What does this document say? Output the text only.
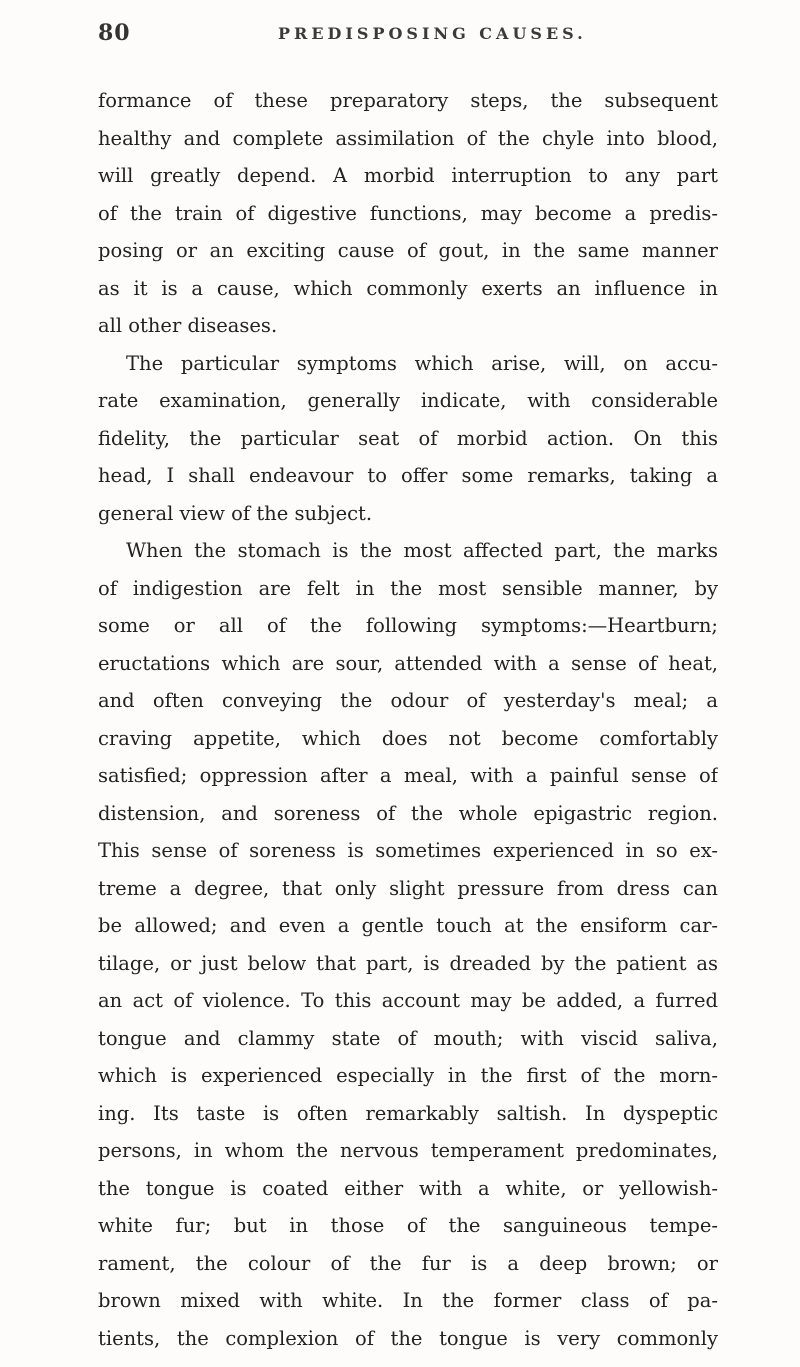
80	PREDISPOSING CAUSES.
formance of these preparatory steps, the subsequent
healthy and complete assimilation of the chyle into blood,
will greatly depend. A morbid interruption to any part
of the train of digestive functions, may become a predis-
posing or an exciting cause of gout, in the same manner
as it is a cause, which commonly exerts an influence in
all other diseases.
The particular symptoms which arise, will, on accu-
rate examination, generally indicate, with considerable
fidelity, the particular seat of morbid action. On this
head, I shall endeavour to offer some remarks, taking a
general view of the subject.
When the stomach is the most affected part, the marks
of indigestion are felt in the most sensible manner, by
some or all of the following symptoms:—Heartburn;
eructations which are sour, attended with a sense of heat,
and often conveying the odour of yesterday's meal; a
craving appetite, which does not become comfortably
satisfied; oppression after a meal, with a painful sense of
distension, and soreness of the whole epigastric region.
This sense of soreness is sometimes experienced in so ex-
treme a degree, that only slight pressure from dress can
be allowed; and even a gentle touch at the ensiform car-
tilage, or just below that part, is dreaded by the patient as
an act of violence. To this account may be added, a furred
tongue and clammy state of mouth; with viscid saliva,
which is experienced especially in the first of the morn-
ing. Its taste is often remarkably saltish. In dyspeptic
persons, in whom the nervous temperament predominates,
the tongue is coated either with a white, or yellowish-
white fur; but in those of the sanguineous tempe-
rament, the colour of the fur is a deep brown; or
brown mixed with white. In the former class of pa-
tients, the complexion of the tongue is very commonly
